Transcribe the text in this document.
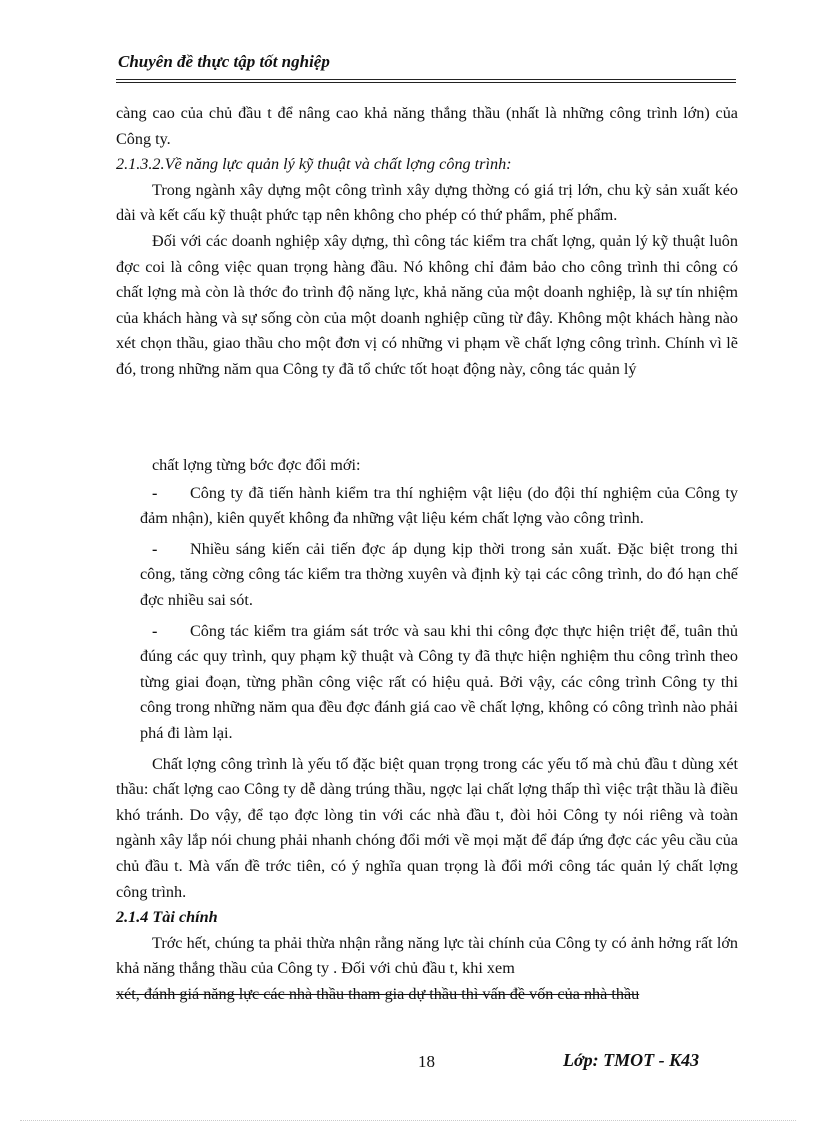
Chuyên đề thực tập tốt nghiệp

càng cao của chủ đầu t để nâng cao khả năng thắng thầu (nhất là những công trình lớn) của Công ty.

2.1.3.2.Về năng lực quản lý kỹ thuật và chất lợng công trình:

Trong ngành xây dựng một công trình xây dựng thờng có giá trị lớn, chu kỳ sản xuất kéo dài và kết cấu kỹ thuật phức tạp nên không cho phép có thứ phẩm, phế phẩm.

Đối với các doanh nghiệp xây dựng, thì công tác kiểm tra chất lợng, quản lý kỹ thuật luôn đợc coi là công việc quan trọng hàng đầu. Nó không chỉ đảm bảo cho công trình thi công có chất lợng mà còn là thớc đo trình độ năng lực, khả năng của một doanh nghiệp, là sự tín nhiệm của khách hàng và sự sống còn của một doanh nghiệp cũng từ đây. Không một khách hàng nào xét chọn thầu, giao thầu cho một đơn vị có những vi phạm về chất lợng công trình. Chính vì lẽ đó, trong những năm qua Công ty đã tổ chức tốt hoạt động này, công tác quản lý

chất lợng từng bớc đợc đổi mới:

- Công ty đã tiến hành kiểm tra thí nghiệm vật liệu (do đội thí nghiệm của Công ty đảm nhận), kiên quyết không đa những vật liệu kém chất lợng vào công trình.
- Nhiều sáng kiến cải tiến đợc áp dụng kịp thời trong sản xuất. Đặc biệt trong thi công, tăng cờng công tác kiểm tra thờng xuyên và định kỳ tại các công trình, do đó hạn chế đợc nhiều sai sót.
- Công tác kiểm tra giám sát trớc và sau khi thi công đợc thực hiện triệt để, tuân thủ đúng các quy trình, quy phạm kỹ thuật và Công ty đã thực hiện nghiệm thu công trình theo từng giai đoạn, từng phần công việc rất có hiệu quả. Bởi vậy, các công trình Công ty thi công trong những năm qua đều đợc đánh giá cao về chất lợng, không có công trình nào phải phá đi làm lại.

Chất lợng công trình là yếu tố đặc biệt quan trọng trong các yếu tố mà chủ đầu t dùng xét thầu: chất lợng cao Công ty dễ dàng trúng thầu, ngợc lại chất lợng thấp thì việc trật thầu là điều khó tránh. Do vậy, để tạo đợc lòng tin với các nhà đầu t, đòi hỏi Công ty nói riêng và toàn ngành xây lắp nói chung phải nhanh chóng đổi mới về mọi mặt để đáp ứng đợc các yêu cầu của chủ đầu t. Mà vấn đề trớc tiên, có ý nghĩa quan trọng là đổi mới công tác quản lý chất lợng công trình.

2.1.4 Tài chính

Trớc hết, chúng ta phải thừa nhận rằng năng lực tài chính của Công ty có ảnh hởng rất lớn khả năng thắng thầu của Công ty . Đối với chủ đầu t, khi xem

xét, đánh giá năng lực các nhà thầu tham gia dự thầu thì vấn đề vốn của nhà thầu

18	Lớp: TMOT - K43
